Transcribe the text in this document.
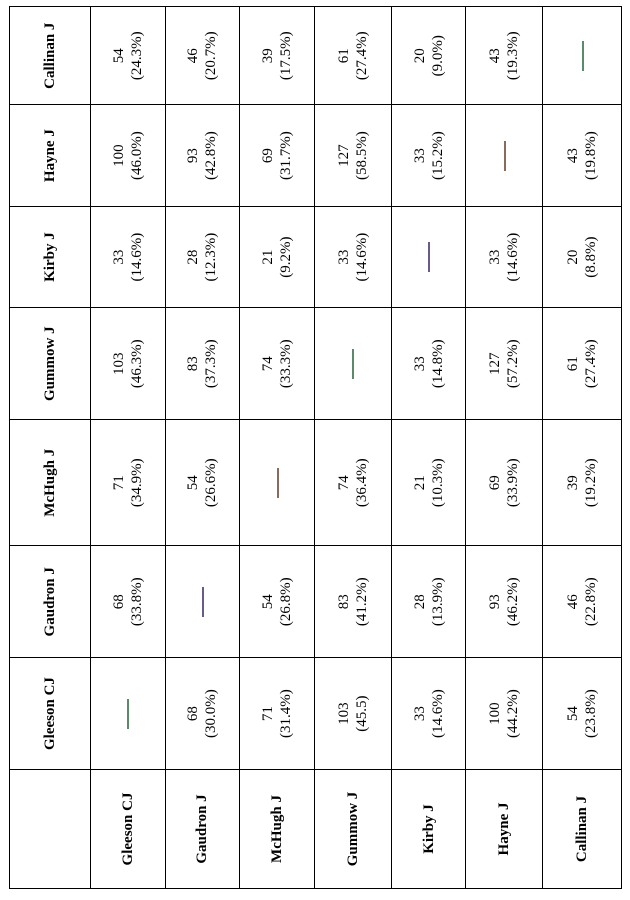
	Gleeson CJ	Gaudron J	McHugh J	Gummow J	Kirby J	Hayne J	Callinan J
Gleeson CJ		68 (33.8%)	71 (34.9%)	103 (46.3%)	33 (14.6%)	100 (46.0%)	54 (24.3%)

Gaudron J	68 (30.0%)		54 (26.6%)	83 (37.3%)	28 (12.3%)	93 (42.8%)	46 (20.7%)

McHugh J	71 (31.4%)	54 (26.8%)		74 (33.3%)	21 (9.2%)	69 (31.7%)	39 (17.5%)

Gummow J	103 (45.5)	83 (41.2%)	74 (36.4%)		33 (14.6%)	127 (58.5%)	61 (27.4%)

Kirby J	33 (14.6%)	28 (13.9%)	21 (10.3%)	33 (14.8%)		33 (15.2%)	20 (9.0%)

Hayne J	100 (44.2%)	93 (46.2%)	69 (33.9%)	127 (57.2%)	33 (14.6%)		43 (19.3%)

Callinan J	54 (23.8%)	46 (22.8%)	39 (19.2%)	61 (27.4%)	20 (8.8%)	43 (19.8%)	
